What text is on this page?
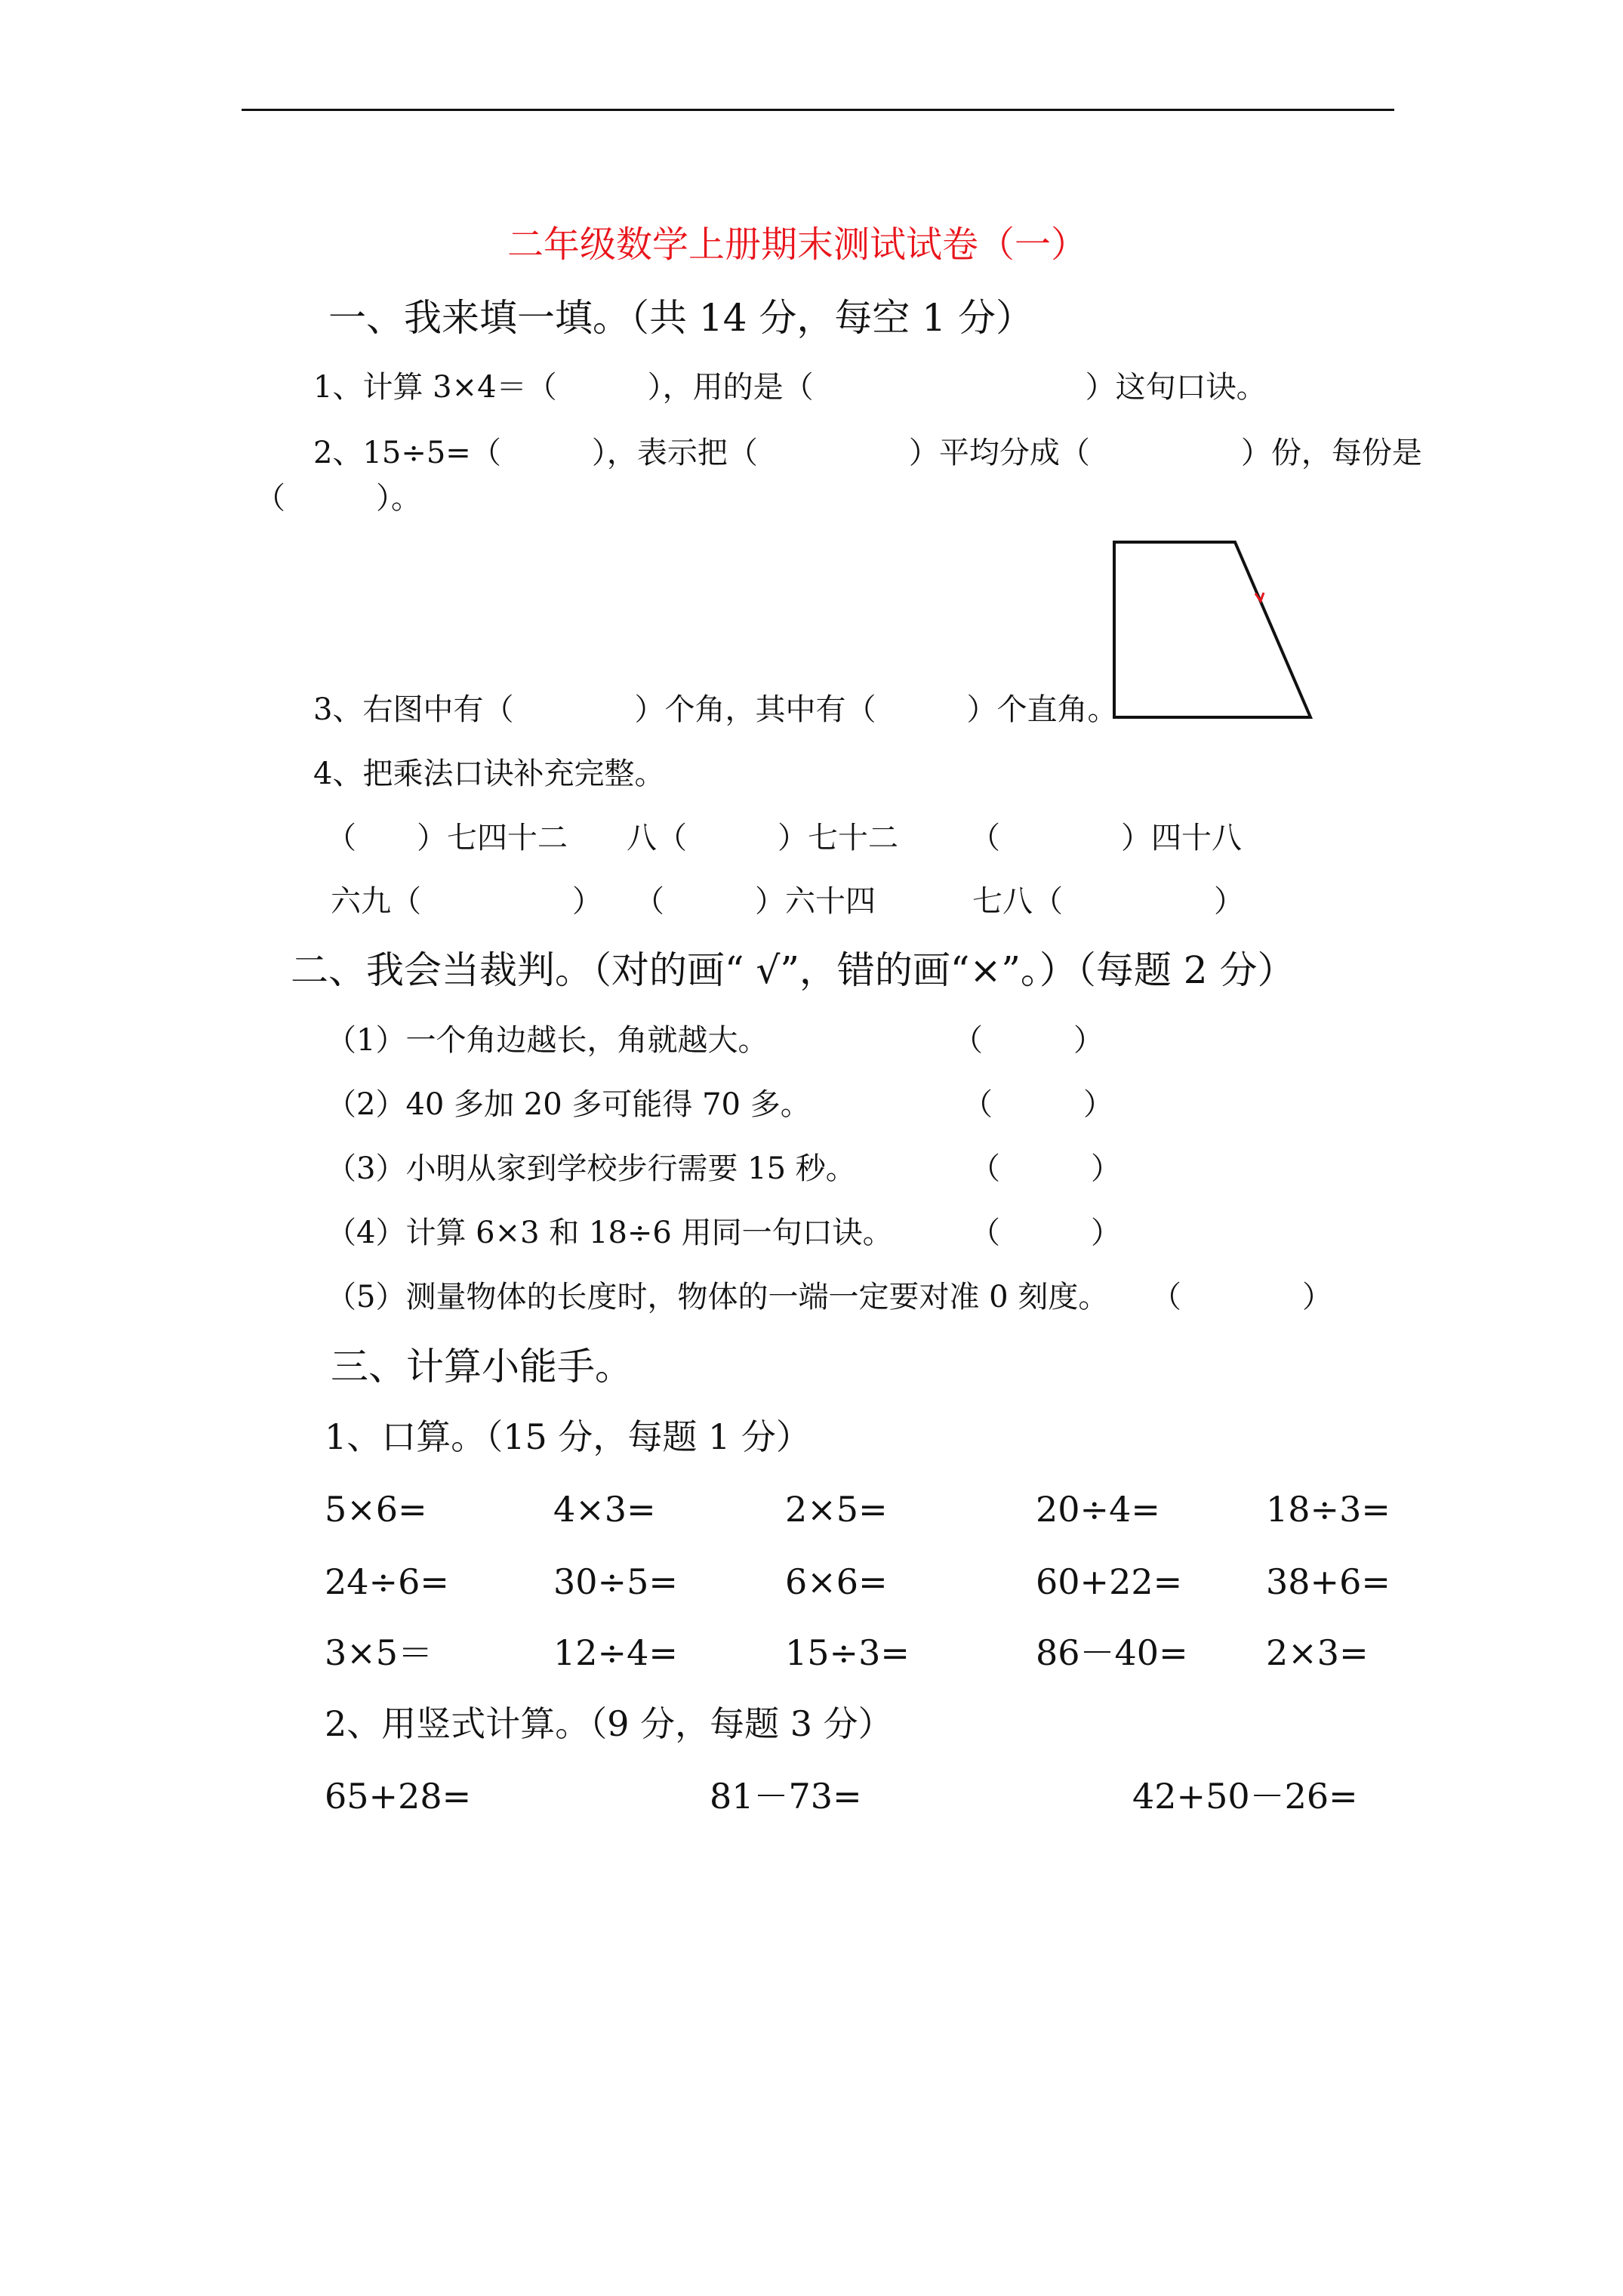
二年级数学上册期末测试试卷（一）
一、我来填一填。（共 14 分，每空 1 分）
1、计算 3×4＝（　　　），用的是（　　　　　　　　　）这句口诀。
2、15÷5=（　　　），表示把（　　　　　）平均分成（　　　　　）份，每份是
（　　　）。
3、右图中有（　　　　）个角，其中有（　　　）个直角。
4、把乘法口诀补充完整。
（　　）七四十二 八（　　　）七十二 （　　　　）四十八
六九（　　　　　） （　　　）六十四	七八（　　　　　）
二、我会当裁判。（对的画“ √”，错的画“×”。）（每题 2 分）
（1）一个角边越长，角就越大。	（　　　）
（2）40 多加 20 多可能得 70 多。	（　　　）
（3）小明从家到学校步行需要 15 秒。	（　　　）
（4）计算 6×3 和 18÷6 用同一句口诀。	（　　　）
（5）测量物体的长度时，物体的一端一定要对准 0 刻度。 （　　　　）
三、计算小能手。
1、口算。（15 分，每题 1 分）
5×6=	4×3=	2×5=	20÷4=	18÷3=
24÷6=	30÷5=	6×6=	60+22= 38+6=
3×5＝	12÷4=	15÷3=	86－40= 2×3=
2、用竖式计算。（9 分，每题 3 分）
65+28=	81－73=	42+50－26=
